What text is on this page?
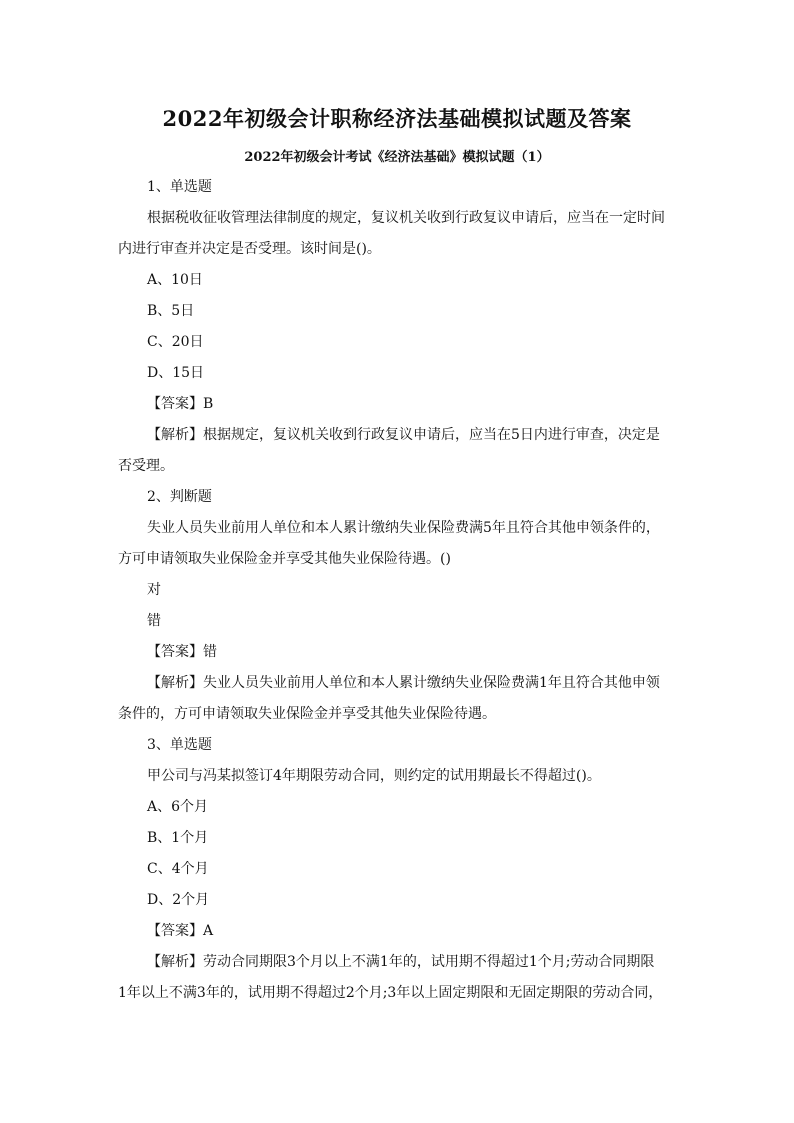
2022年初级会计职称经济法基础模拟试题及答案
2022年初级会计考试《经济法基础》模拟试题（1）
1、单选题
根据税收征收管理法律制度的规定，复议机关收到行政复议申请后，应当在一定时间
内进行审查并决定是否受理。该时间是()。
A、10日
B、5日
C、20日
D、15日
【答案】B
【解析】根据规定，复议机关收到行政复议申请后，应当在5日内进行审查，决定是
否受理。
2、判断题
失业人员失业前用人单位和本人累计缴纳失业保险费满5年且符合其他申领条件的，
方可申请领取失业保险金并享受其他失业保险待遇。()
对
错
【答案】错
【解析】失业人员失业前用人单位和本人累计缴纳失业保险费满1年且符合其他申领
条件的，方可申请领取失业保险金并享受其他失业保险待遇。
3、单选题
甲公司与冯某拟签订4年期限劳动合同，则约定的试用期最长不得超过()。
A、6个月
B、1个月
C、4个月
D、2个月
【答案】A
【解析】劳动合同期限3个月以上不满1年的，试用期不得超过1个月;劳动合同期限
1年以上不满3年的，试用期不得超过2个月;3年以上固定期限和无固定期限的劳动合同，
